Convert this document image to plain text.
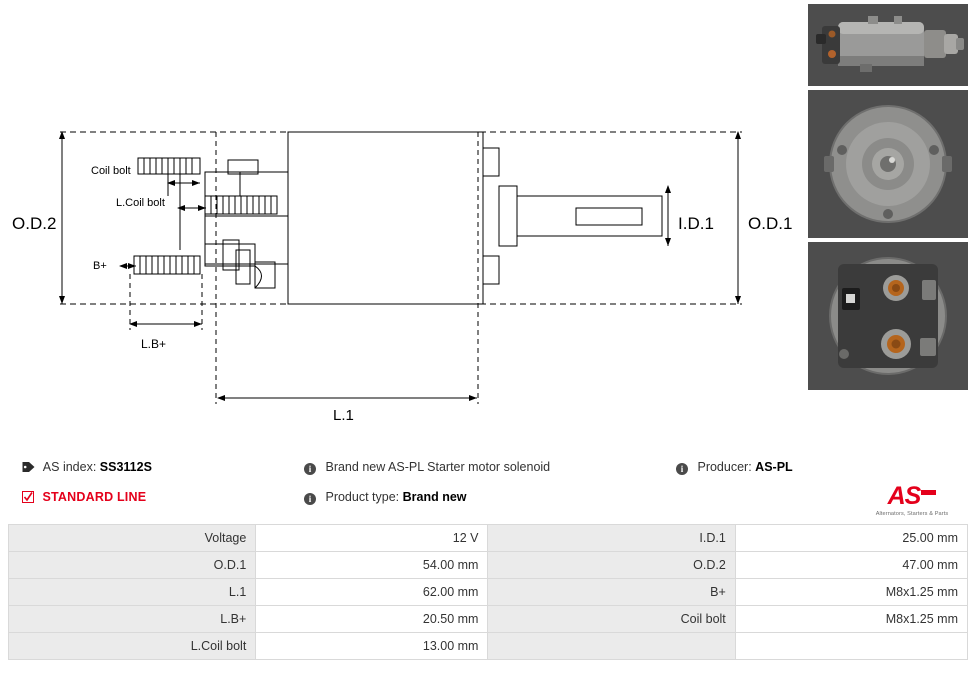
O.D.2	O.D.1
I.D.1
Coil bolt
L.Coil bolt
B+
L.B+
L.1
AS index: SS3112S
STANDARD LINE
i Brand new AS-PL Starter motor solenoid
i Product type: Brand new
i Producer: AS-PL
AS
Alternators, Starters & Parts
Voltage	12 V	I.D.1	25.00 mm
O.D.1	54.00 mm	O.D.2	47.00 mm
L.1	62.00 mm	B+	M8x1.25 mm
L.B+	20.50 mm	Coil bolt	M8x1.25 mm
L.Coil bolt	13.00 mm		
